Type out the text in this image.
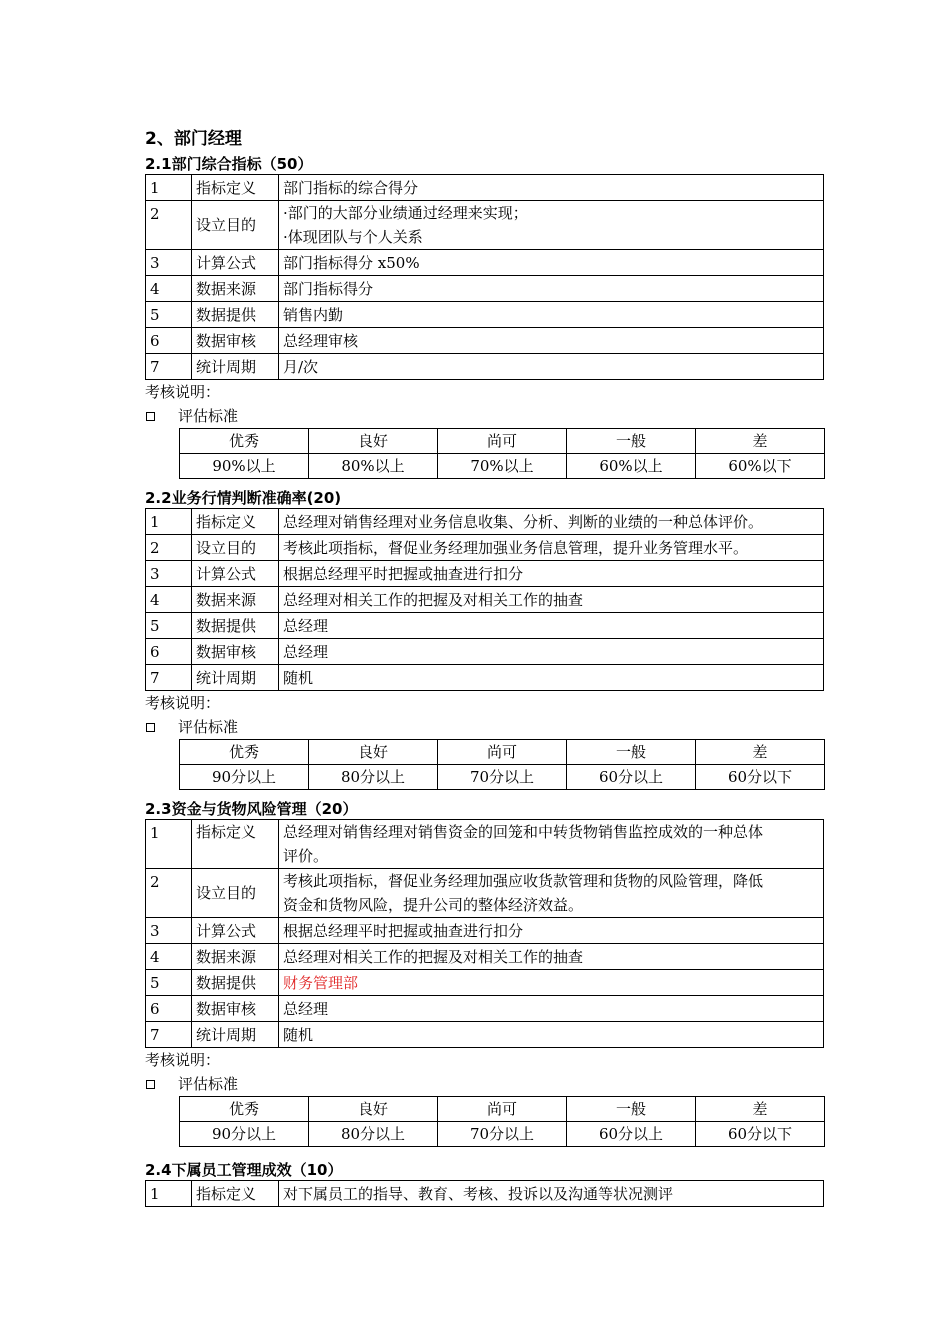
2、部门经理
2.1部门综合指标（50）
1	指标定义	部门指标的综合得分

2	设立目的	·部门的大部分业绩通过经理来实现；
·体现团队与个人关系

3	计算公式	部门指标得分 x50%

4	数据来源	部门指标得分

5	数据提供	销售内勤

6	数据审核	总经理审核

7	统计周期	月/次
考核说明：
评估标准
优秀	良好	尚可	一般	差
90%以上	80%以上	70%以上	60%以上	60%以下
2.2业务行情判断准确率(20)
1	指标定义	总经理对销售经理对业务信息收集、分析、判断的业绩的一种总体评价。

2	设立目的	考核此项指标，督促业务经理加强业务信息管理，提升业务管理水平。

3	计算公式	根据总经理平时把握或抽查进行扣分

4	数据来源	总经理对相关工作的把握及对相关工作的抽查

5	数据提供	总经理

6	数据审核	总经理

7	统计周期	随机
考核说明：
评估标准
优秀	良好	尚可	一般	差
90分以上	80分以上	70分以上	60分以上	60分以下
2.3资金与货物风险管理（20）
1	指标定义	总经理对销售经理对销售资金的回笼和中转货物销售监控成效的一种总体
评价。

2	设立目的	考核此项指标，督促业务经理加强应收货款管理和货物的风险管理，降低
资金和货物风险，提升公司的整体经济效益。

3	计算公式	根据总经理平时把握或抽查进行扣分

4	数据来源	总经理对相关工作的把握及对相关工作的抽查

5	数据提供	财务管理部

6	数据审核	总经理

7	统计周期	随机
考核说明：
评估标准
优秀	良好	尚可	一般	差
90分以上	80分以上	70分以上	60分以上	60分以下
2.4下属员工管理成效（10）
1	指标定义	对下属员工的指导、教育、考核、投诉以及沟通等状况测评
